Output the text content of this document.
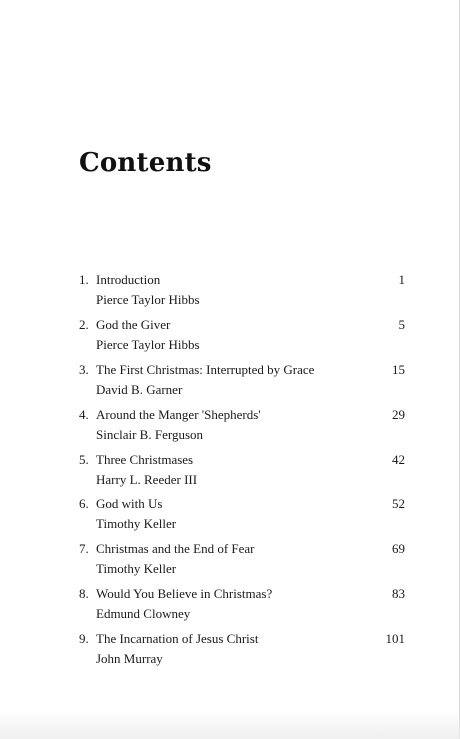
Contents
1. Introduction	1
Pierce Taylor Hibbs
2. God the Giver	5
Pierce Taylor Hibbs
3. The First Christmas: Interrupted by Grace	15
David B. Garner
4. Around the Manger 'Shepherds'	29
Sinclair B. Ferguson
5. Three Christmases	42
Harry L. Reeder III
6. God with Us	52
Timothy Keller
7. Christmas and the End of Fear	69
Timothy Keller
8. Would You Believe in Christmas?	83
Edmund Clowney
9. The Incarnation of Jesus Christ	101
John Murray
